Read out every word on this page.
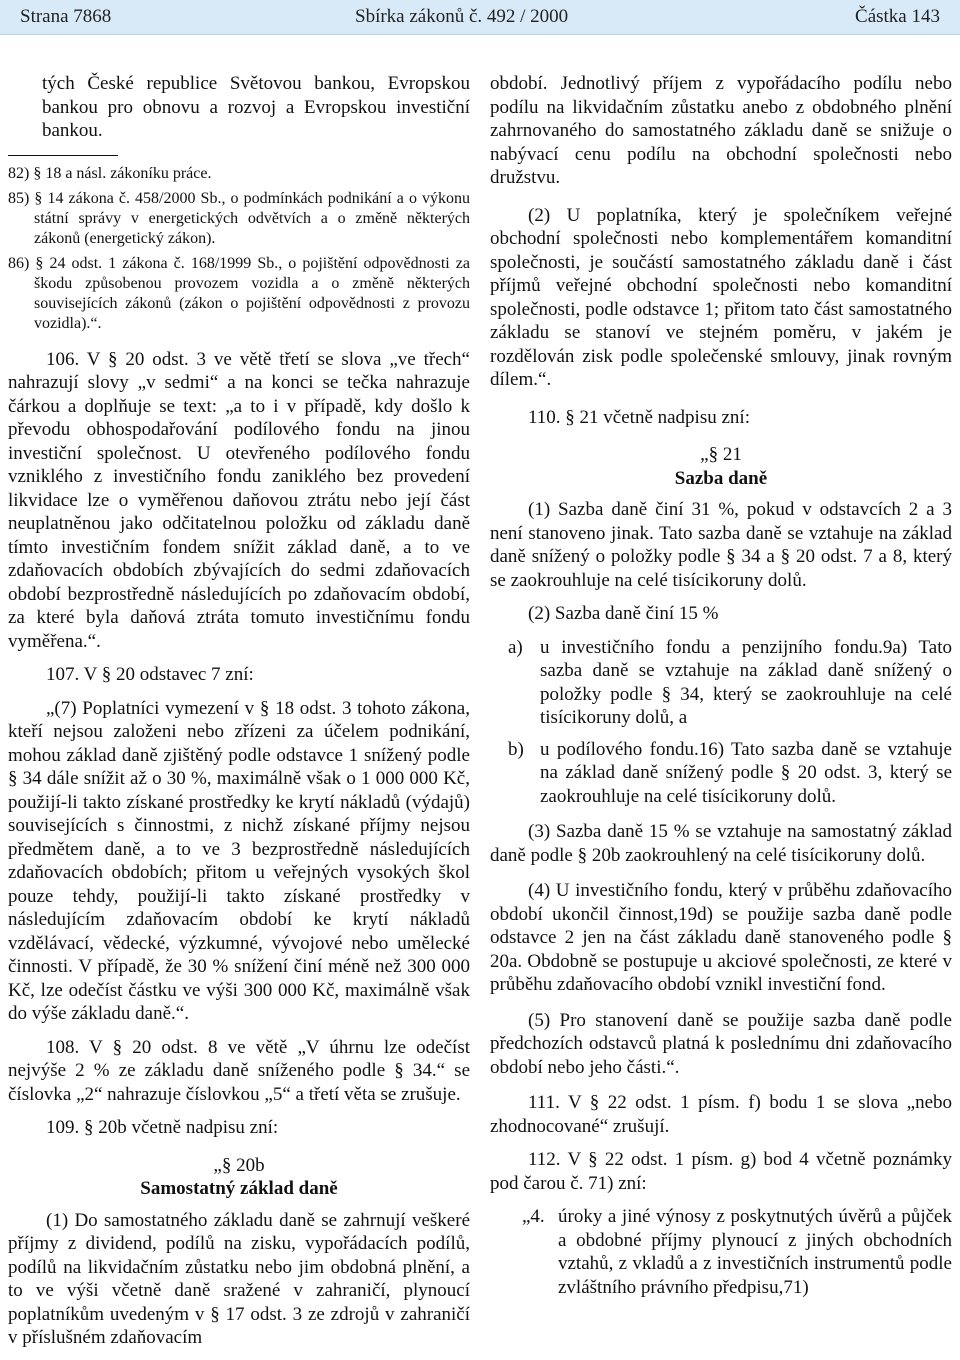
Strana 7868	Sbírka zákonů č. 492 / 2000	Částka 143

tých České republice Světovou bankou, Evropskou bankou pro obnovu a rozvoj a Evropskou investiční bankou.

82) § 18 a násl. zákoníku práce.

85) § 14 zákona č. 458/2000 Sb., o podmínkách podnikání a o výkonu státní správy v energetických odvětvích a o změně některých zákonů (energetický zákon).

86) § 24 odst. 1 zákona č. 168/1999 Sb., o pojištění odpovědnosti za škodu způsobenou provozem vozidla a o změně některých souvisejících zákonů (zákon o pojištění odpovědnosti z provozu vozidla).“.

106. V § 20 odst. 3 ve větě třetí se slova „ve třech“ nahrazují slovy „v sedmi“ a na konci se tečka nahrazuje čárkou a doplňuje se text: „a to i v případě, kdy došlo k převodu obhospodařování podílového fondu na jinou investiční společnost. U otevřeného podílového fondu vzniklého z investičního fondu zaniklého bez provedení likvidace lze o vyměřenou daňovou ztrátu nebo její část neuplatněnou jako odčitatelnou položku od základu daně tímto investičním fondem snížit základ daně, a to ve zdaňovacích obdobích zbývajících do sedmi zdaňovacích období bezprostředně následujících po zdaňovacím období, za které byla daňová ztráta tomuto investičnímu fondu vyměřena.“.

107. V § 20 odstavec 7 zní:

„(7) Poplatníci vymezení v § 18 odst. 3 tohoto zákona, kteří nejsou založeni nebo zřízeni za účelem podnikání, mohou základ daně zjištěný podle odstavce 1 snížený podle § 34 dále snížit až o 30 %, maximálně však o 1 000 000 Kč, použijí-li takto získané prostředky ke krytí nákladů (výdajů) souvisejících s činnostmi, z nichž získané příjmy nejsou předmětem daně, a to ve 3 bezprostředně následujících zdaňovacích obdobích; přitom u veřejných vysokých škol pouze tehdy, použijí-li takto získané prostředky v následujícím zdaňovacím období ke krytí nákladů vzdělávací, vědecké, výzkumné, vývojové nebo umělecké činnosti. V případě, že 30 % snížení činí méně než 300 000 Kč, lze odečíst částku ve výši 300 000 Kč, maximálně však do výše základu daně.“.

108. V § 20 odst. 8 ve větě „V úhrnu lze odečíst nejvýše 2 % ze základu daně sníženého podle § 34.“ se číslovka „2“ nahrazuje číslovkou „5“ a třetí věta se zrušuje.

109. § 20b včetně nadpisu zní:

„§ 20b

Samostatný základ daně

(1) Do samostatného základu daně se zahrnují veškeré příjmy z dividend, podílů na zisku, vypořádacích podílů, podílů na likvidačním zůstatku nebo jim obdobná plnění, a to ve výši včetně daně sražené v zahraničí, plynoucí poplatníkům uvedeným v § 17 odst. 3 ze zdrojů v zahraničí v příslušném zdaňovacím

období. Jednotlivý příjem z vypořádacího podílu nebo podílu na likvidačním zůstatku anebo z obdobného plnění zahrnovaného do samostatného základu daně se snižuje o nabývací cenu podílu na obchodní společnosti nebo družstvu.

(2) U poplatníka, který je společníkem veřejné obchodní společnosti nebo komplementářem komanditní společnosti, je součástí samostatného základu daně i část příjmů veřejné obchodní společnosti nebo komanditní společnosti, podle odstavce 1; přitom tato část samostatného základu se stanoví ve stejném poměru, v jakém je rozdělován zisk podle společenské smlouvy, jinak rovným dílem.“.

110. § 21 včetně nadpisu zní:

„§ 21

Sazba daně

(1) Sazba daně činí 31 %, pokud v odstavcích 2 a 3 není stanoveno jinak. Tato sazba daně se vztahuje na základ daně snížený o položky podle § 34 a § 20 odst. 7 a 8, který se zaokrouhluje na celé tisícikoruny dolů.

(2) Sazba daně činí 15 %

a) u investičního fondu a penzijního fondu.9a) Tato sazba daně se vztahuje na základ daně snížený o položky podle § 34, který se zaokrouhluje na celé tisícikoruny dolů, a
b) u podílového fondu.16) Tato sazba daně se vztahuje na základ daně snížený podle § 20 odst. 3, který se zaokrouhluje na celé tisícikoruny dolů.

(3) Sazba daně 15 % se vztahuje na samostatný základ daně podle § 20b zaokrouhlený na celé tisícikoruny dolů.

(4) U investičního fondu, který v průběhu zdaňovacího období ukončil činnost,19d) se použije sazba daně podle odstavce 2 jen na část základu daně stanoveného podle § 20a. Obdobně se postupuje u akciové společnosti, ze které v průběhu zdaňovacího období vznikl investiční fond.

(5) Pro stanovení daně se použije sazba daně podle předchozích odstavců platná k poslednímu dni zdaňovacího období nebo jeho části.“.

111. V § 22 odst. 1 písm. f) bodu 1 se slova „nebo zhodnocované“ zrušují.

112. V § 22 odst. 1 písm. g) bod 4 včetně poznámky pod čarou č. 71) zní:

„4. úroky a jiné výnosy z poskytnutých úvěrů a půjček a obdobné příjmy plynoucí z jiných obchodních vztahů, z vkladů a z investičních instrumentů podle zvláštního právního předpisu,71)
